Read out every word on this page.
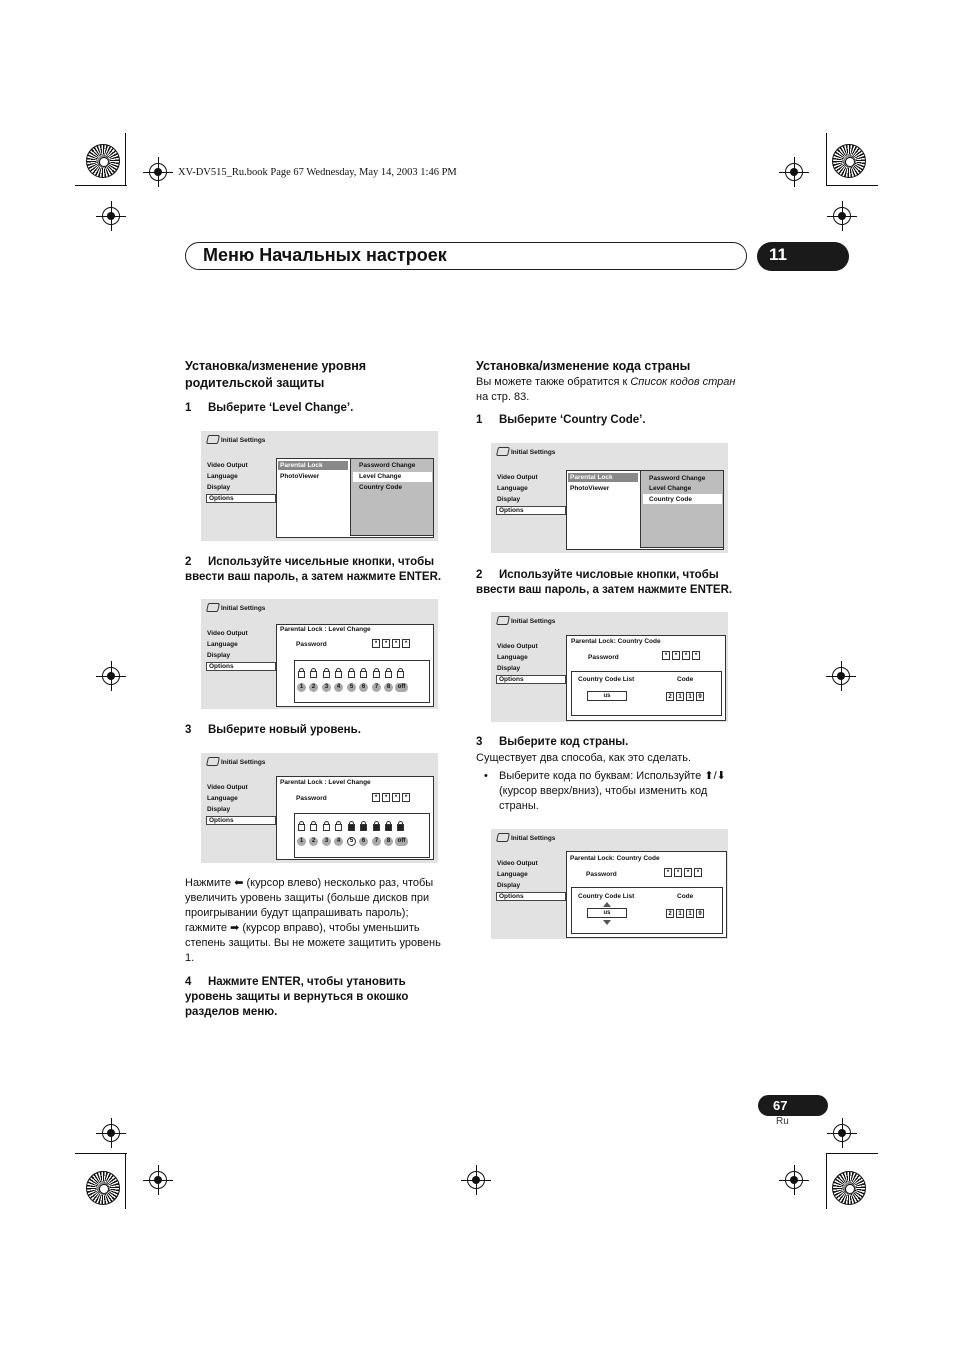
XV-DV515_Ru.book Page 67 Wednesday, May 14, 2003 1:46 PM
Меню Начальных настроек	11
Установка/изменение уровня
родительской защиты
1 Выберите ‘Level Change’.
Initial Settings
Video Output
Language
Display
Options
Parental Lock
PhotoViewer
Password Change
Level Change
Country Code
2 Используйте чисельные кнопки, чтобы
ввести ваш пароль, а затем нажмите ENTER.
Initial Settings
Video Output
Language
Display
Options
Parental Lock : Level Change
Password	*	*	*	*
1	2	3	4	5	6	7	8	off
3 Выберите новый уровень.
Initial Settings
Video Output
Language
Display
Options
Parental Lock : Level Change
Password	*	*	*	*
1	2	3	4	5	6	7	8	off
Нажмите ⬅ (курсор влево) несколько раз, чтобы
увеличить уровень защиты (больше дисков при
проигрывании будут щапрашивать пароль);
гажмите ➡ (курсор вправо), чтобы уменьшить
степень защиты. Вы не можете защитить уровень
1.
4 Нажмите ENTER, чтобы утановить
уровень защиты и вернуться в окошко
разделов меню.
Установка/изменение кода страны
Вы можете также обратится к Список кодов стран
на стр. 83.
1 Выберите ‘Country Code’.
Initial Settings
Video Output
Language
Display
Options
Parental Lock
PhotoViewer
Password Change
Level Change
Country Code
2 Используйте числовые кнопки, чтобы
ввести ваш пароль, а затем нажмите ENTER.
Initial Settings
Video Output
Language
Display
Options
Parental Lock: Country Code
Password	*	*	*	*
Country Code List	Code
us	2	1	1	9
3 Выберите код страны.
Существует два способа, как это сделать.
• Выберите кода по буквам: Используйте ⬆/⬇
(курсор вверх/вниз), чтобы изменить код
страны.
Initial Settings
Video Output
Language
Display
Options
Parental Lock: Country Code
Password	*	*	*	*
Country Code List	Code
us	2	1	1	9
67
Ru
